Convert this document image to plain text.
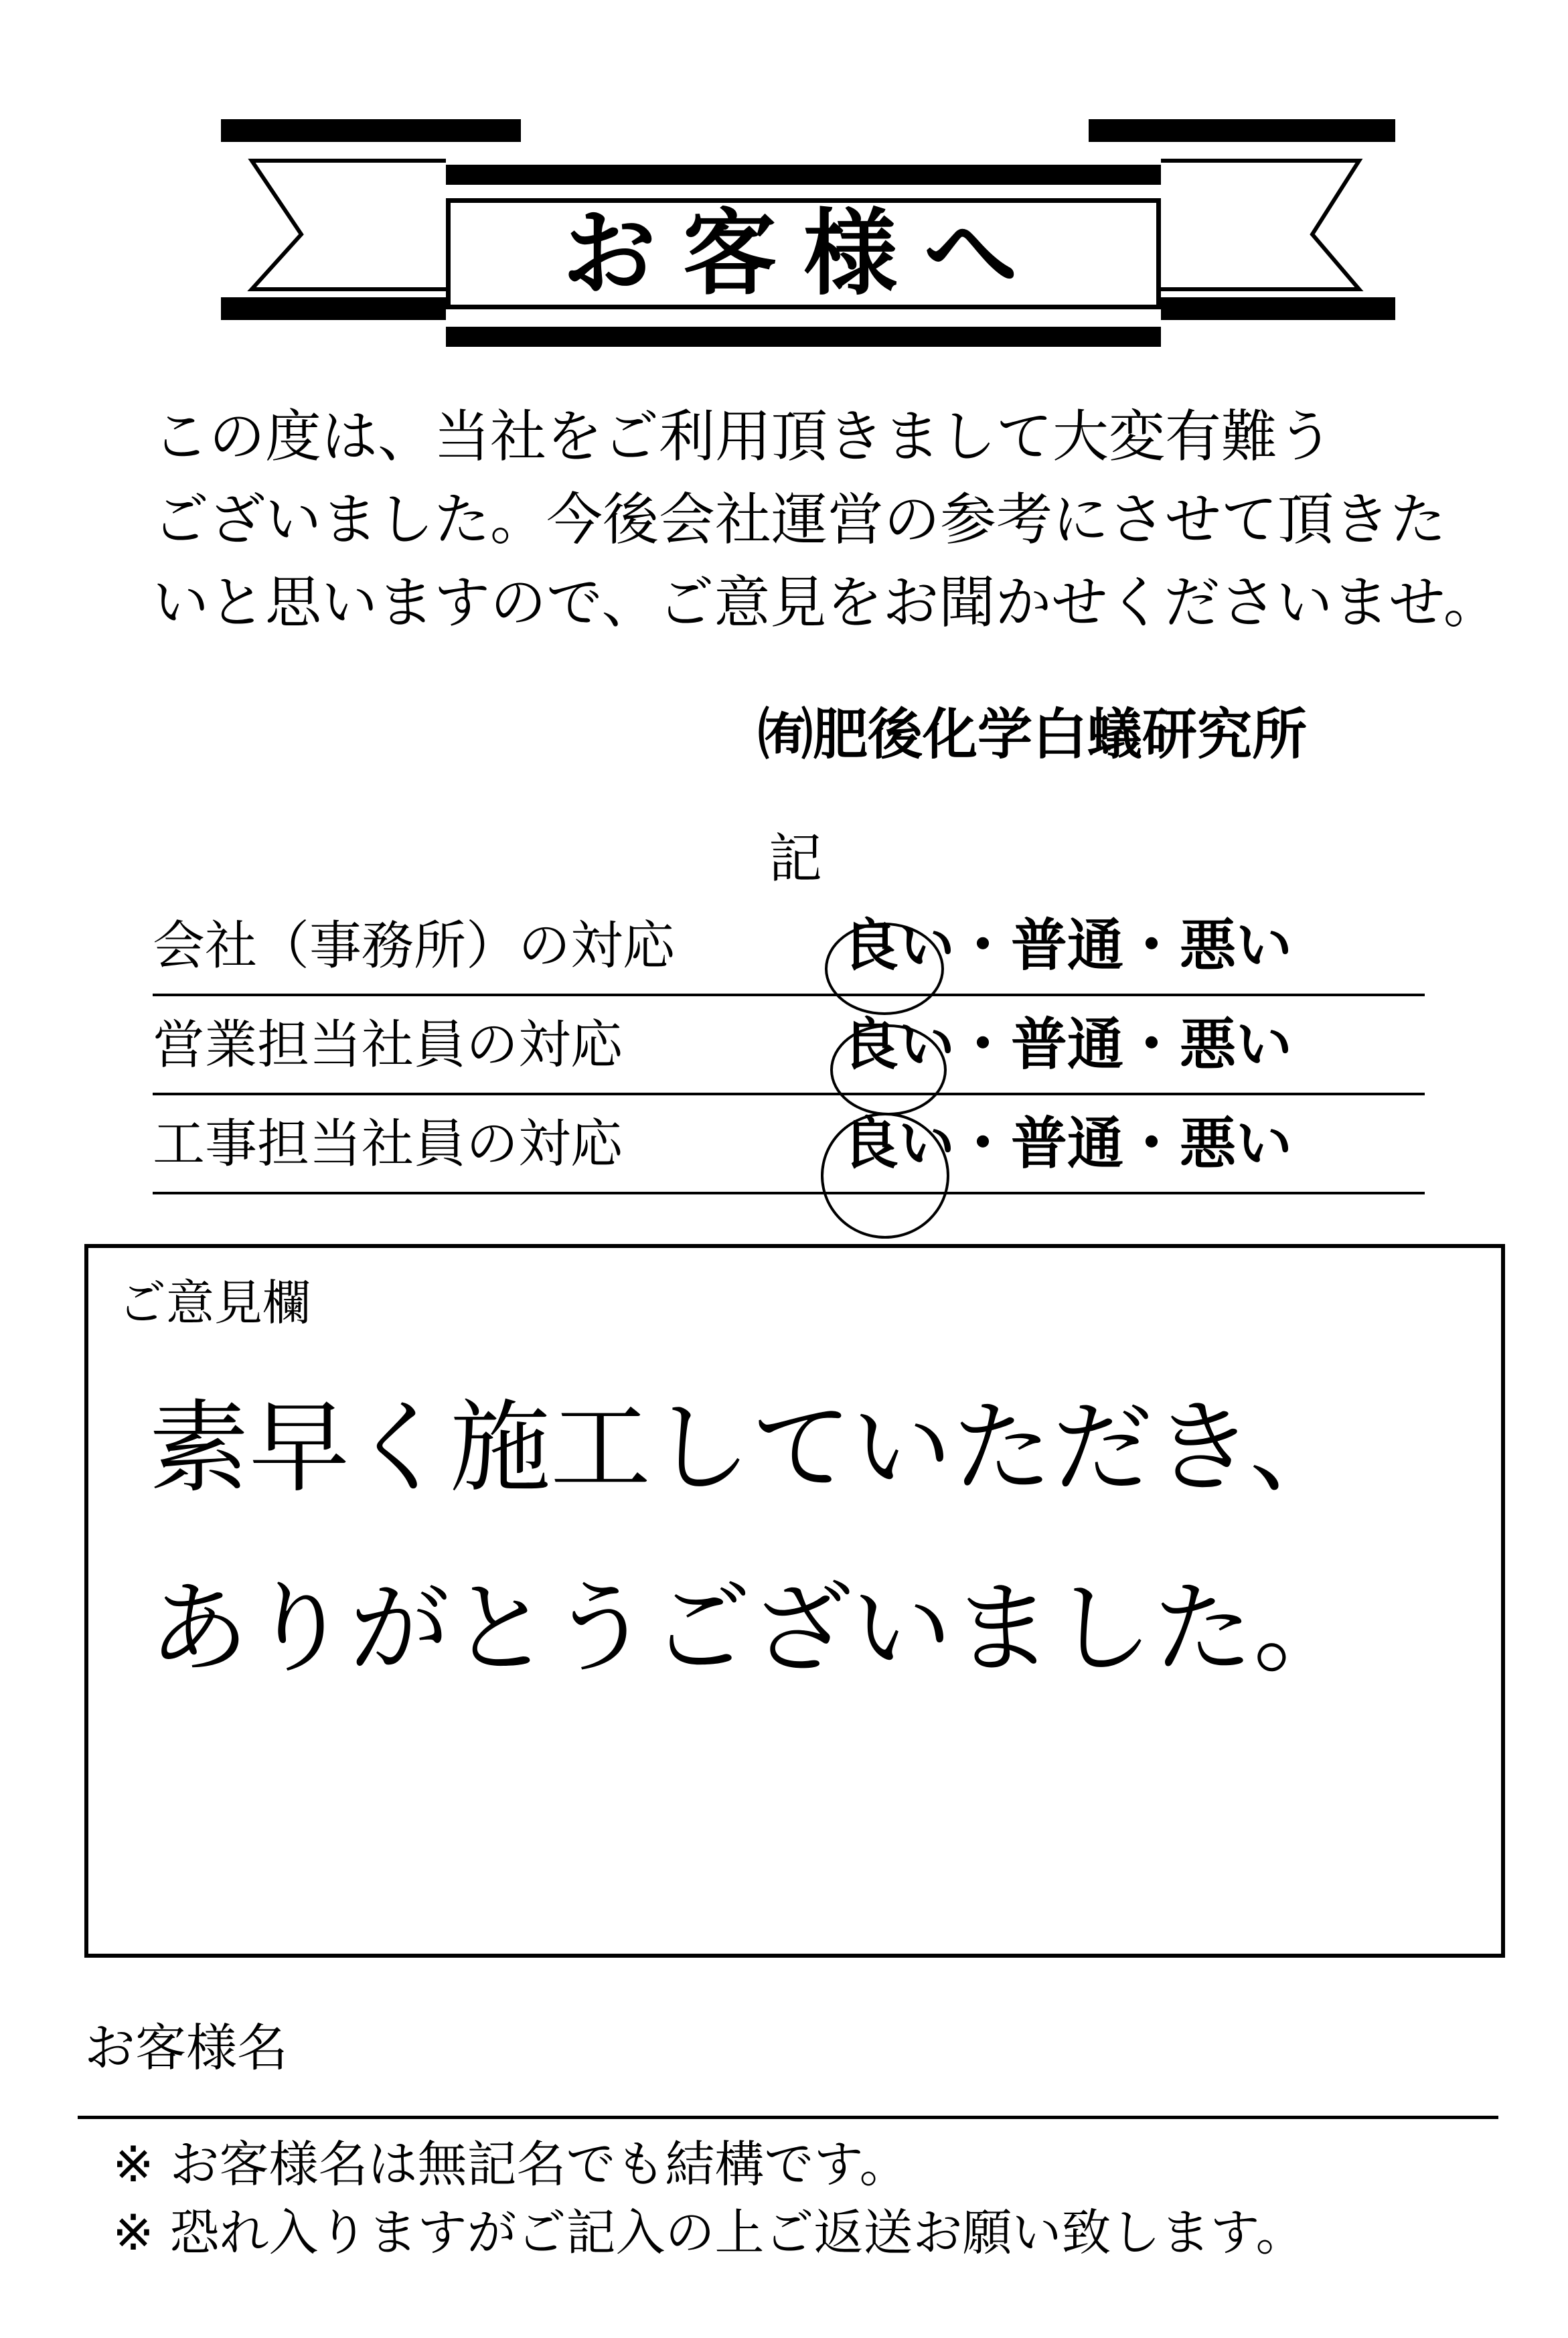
お客様へ
この度は、当社をご利用頂きまして大変有難う
ございました。今後会社運営の参考にさせて頂きた
いと思いますので、ご意見をお聞かせくださいませ。
㈲肥後化学白蟻研究所
記
会社（事務所）の対応	良い・普通・悪い
営業担当社員の対応	良い・普通・悪い
工事担当社員の対応	良い・普通・悪い
ご意見欄
素早く施工していただき、
ありがとうございました。
お客様名
※ お客様名は無記名でも結構です。
※ 恐れ入りますがご記入の上ご返送お願い致します。
